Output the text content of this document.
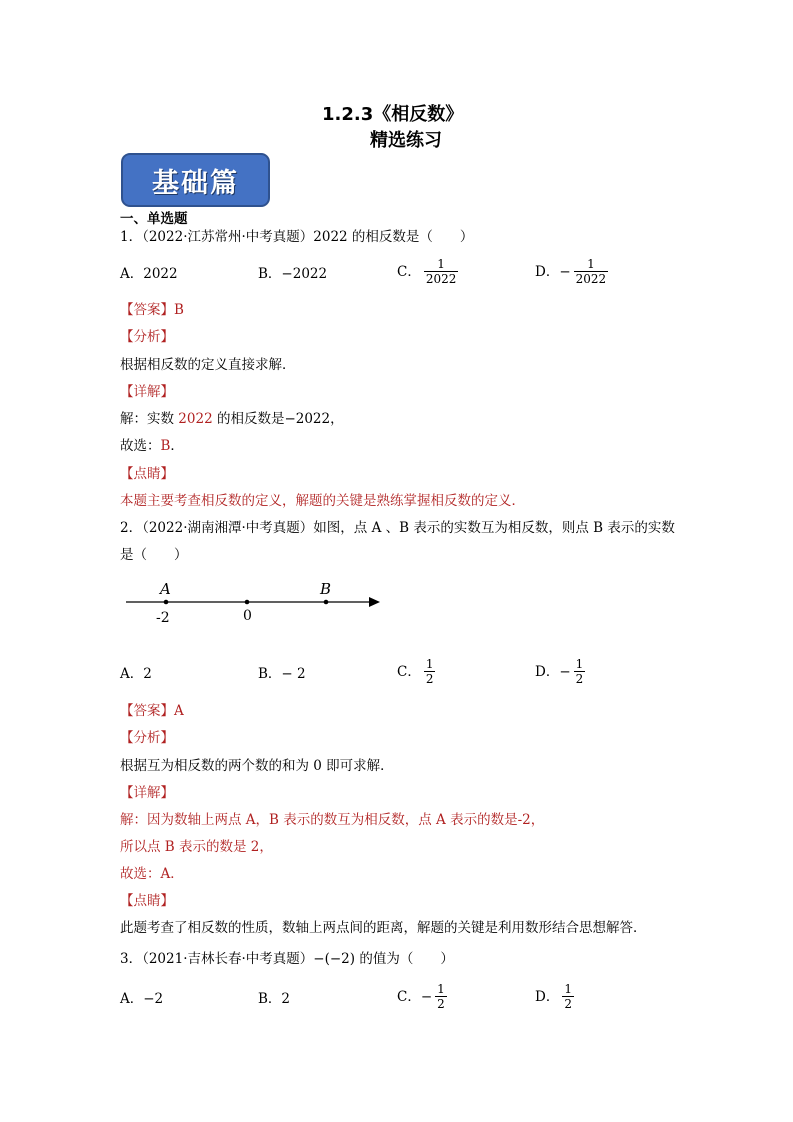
1.2.3《相反数》
精选练习
基础篇
一、单选题
1．（2022·江苏常州·中考真题）2022 的相反数是（　　）
A．2022	B．−2022	C． $\frac{1}{2022}$	D．− $\frac{1}{2022}$
【答案】B
【分析】
根据相反数的定义直接求解．
【详解】
解：实数 2022 的相反数是−2022，
故选：B．
【点睛】
本题主要考查相反数的定义，解题的关键是熟练掌握相反数的定义．
2．（2022·湖南湘潭·中考真题）如图，点 A 、B 表示的实数互为相反数，则点 B 表示的实数
是（　　）
A	B
-2	0
A．2	B．− 2	C． $\frac{1}{2}$	D．− $\frac{1}{2}$
【答案】A
【分析】
根据互为相反数的两个数的和为 0 即可求解．
【详解】
解：因为数轴上两点 A，B 表示的数互为相反数，点 A 表示的数是-2，
所以点 B 表示的数是 2，
故选：A．
【点睛】
此题考查了相反数的性质，数轴上两点间的距离，解题的关键是利用数形结合思想解答．
3．（2021·吉林长春·中考真题）−(−2) 的值为（　　）
A．−2	B．2	C．− $\frac{1}{2}$	D． $\frac{1}{2}$
